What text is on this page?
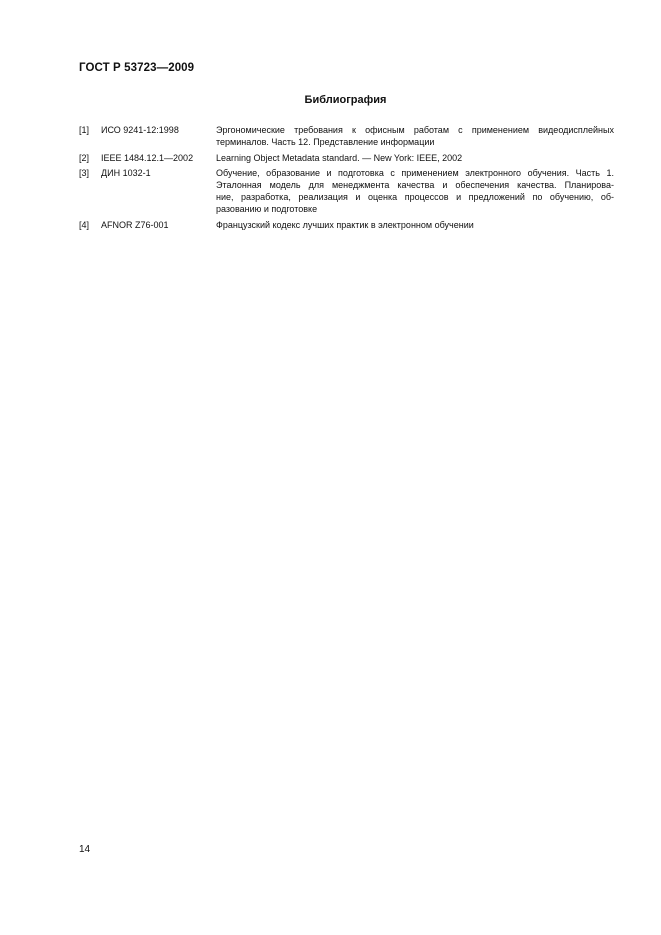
ГОСТ Р 53723—2009
Библиография
[1]	ИСО 9241-12:1998	Эргономические требования к офисным работам с применением видеодисплейных
терминалов. Часть 12. Представление информации
[2]	IEEE 1484.12.1—2002	Learning Object Metadata standard. — New York: IEEE, 2002
[3]	ДИН 1032-1	Обучение, образование и подготовка с применением электронного обучения. Часть 1.
Эталонная модель для менеджмента качества и обеспечения качества. Планирова-
ние, разработка, реализация и оценка процессов и предложений по обучению, об-
разованию и подготовке
[4]	AFNOR Z76-001	Французский кодекс лучших практик в электронном обучении
14
